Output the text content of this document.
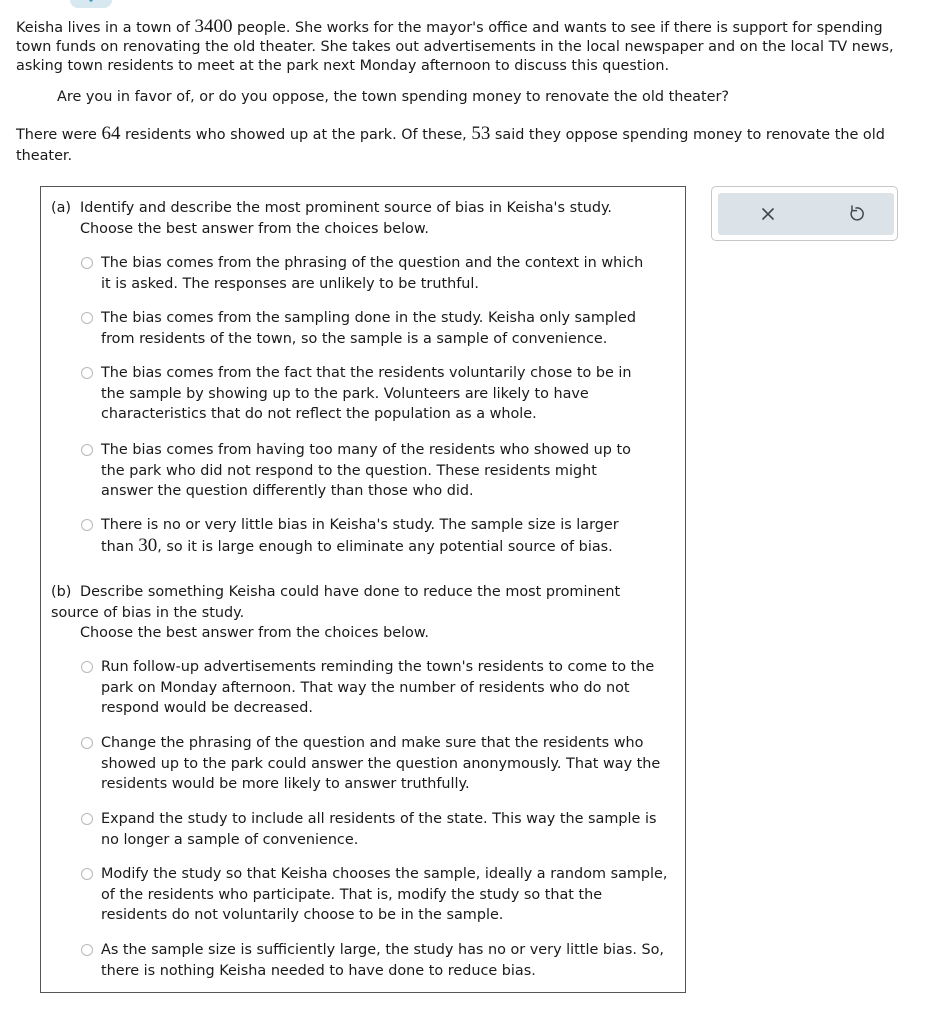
Keisha lives in a town of 3400 people. She works for the mayor's office and wants to see if there is support for spending town funds on renovating the old theater. She takes out advertisements in the local newspaper and on the local TV news, asking town residents to meet at the park next Monday afternoon to discuss this question.

Are you in favor of, or do you oppose, the town spending money to renovate the old theater?

There were 64 residents who showed up at the park. Of these, 53 said they oppose spending money to renovate the old theater.

(a) Identify and describe the most prominent source of bias in Keisha's study.
Choose the best answer from the choices below.

The bias comes from the phrasing of the question and the context in which it is asked. The responses are unlikely to be truthful.
The bias comes from the sampling done in the study. Keisha only sampled from residents of the town, so the sample is a sample of convenience.
The bias comes from the fact that the residents voluntarily chose to be in the sample by showing up to the park. Volunteers are likely to have characteristics that do not reflect the population as a whole.
The bias comes from having too many of the residents who showed up to the park who did not respond to the question. These residents might answer the question differently than those who did.
There is no or very little bias in Keisha's study. The sample size is larger than 30, so it is large enough to eliminate any potential source of bias.

(b) Describe something Keisha could have done to reduce the most prominent source of bias in the study.
Choose the best answer from the choices below.

Run follow-up advertisements reminding the town's residents to come to the park on Monday afternoon. That way the number of residents who do not respond would be decreased.
Change the phrasing of the question and make sure that the residents who showed up to the park could answer the question anonymously. That way the residents would be more likely to answer truthfully.
Expand the study to include all residents of the state. This way the sample is no longer a sample of convenience.
Modify the study so that Keisha chooses the sample, ideally a random sample, of the residents who participate. That is, modify the study so that the residents do not voluntarily choose to be in the sample.
As the sample size is sufficiently large, the study has no or very little bias. So, there is nothing Keisha needed to have done to reduce bias.
